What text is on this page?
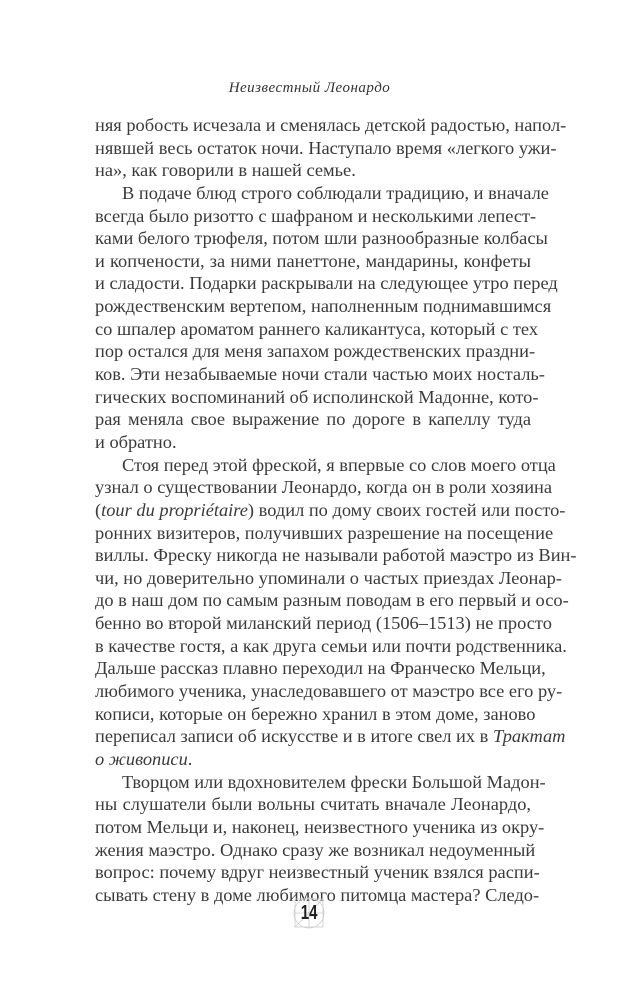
Неизвестный Леонардо
няя робость исчезала и сменялась детской радостью, напол-
нявшей весь остаток ночи. Наступало время «легкого ужи-
на», как говорили в нашей семье.
В подаче блюд строго соблюдали традицию, и вначале
всегда было ризотто с шафраном и несколькими лепест-
ками белого трюфеля, потом шли разнообразные колбасы
и копчености, за ними панеттоне, мандарины, конфеты
и сладости. Подарки раскрывали на следующее утро перед
рождественским вертепом, наполненным поднимавшимся
со шпалер ароматом раннего каликантуса, который с тех
пор остался для меня запахом рождественских праздни-
ков. Эти незабываемые ночи стали частью моих носталь-
гических воспоминаний об исполинской Мадонне, кото-
рая меняла свое выражение по дороге в капеллу туда
и обратно.
Стоя перед этой фреской, я впервые со слов моего отца
узнал о существовании Леонардо, когда он в роли хозяина
(tour du propriétaire) водил по дому своих гостей или посто-
ронних визитеров, получивших разрешение на посещение
виллы. Фреску никогда не называли работой маэстро из Вин-
чи, но доверительно упоминали о частых приездах Леонар-
до в наш дом по самым разным поводам в его первый и осо-
бенно во второй миланский период (1506–1513) не просто
в качестве гостя, а как друга семьи или почти родственника.
Дальше рассказ плавно переходил на Франческо Мельци,
любимого ученика, унаследовавшего от маэстро все его ру-
кописи, которые он бережно хранил в этом доме, заново
переписал записи об искусстве и в итоге свел их в Трактат
о живописи.
Творцом или вдохновителем фрески Большой Мадон-
ны слушатели были вольны считать вначале Леонардо,
потом Мельци и, наконец, неизвестного ученика из окру-
жения маэстро. Однако сразу же возникал недоуменный
вопрос: почему вдруг неизвестный ученик взялся распи-
сывать стену в доме любимого питомца мастера? Следо-
14
